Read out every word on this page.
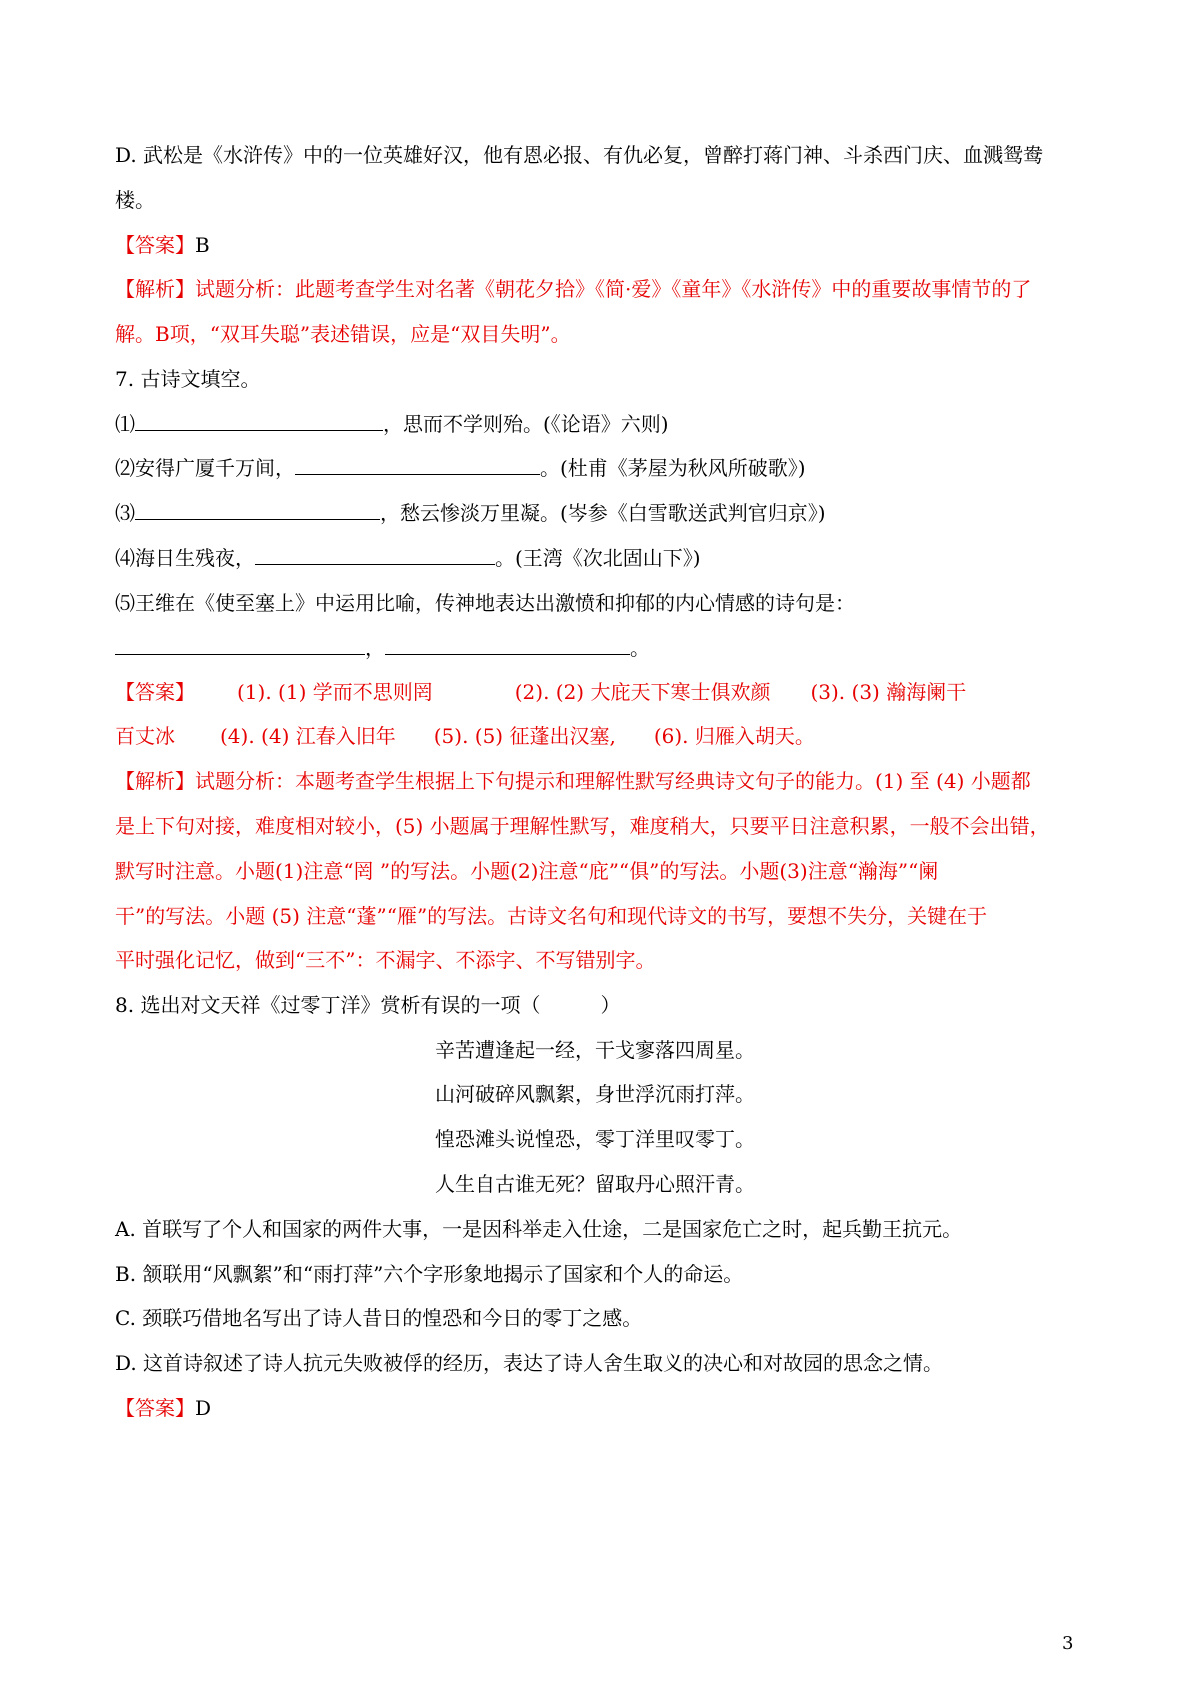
D. 武松是《水浒传》中的一位英雄好汉，他有恩必报、有仇必复，曾醉打蒋门神、斗杀西门庆、血溅鸳鸯
楼。
【答案】B
【解析】试题分析：此题考查学生对名著《朝花夕拾》《简·爱》《童年》《水浒传》中的重要故事情节的了
解。B项，“双耳失聪”表述错误，应是“双目失明”。
7. 古诗文填空。
⑴	，思而不学则殆。(《论语》六则)
⑵安得广厦千万间，	。(杜甫《茅屋为秋风所破歌》)
⑶	，愁云惨淡万里凝。(岑参《白雪歌送武判官归京》)
⑷海日生残夜，	。(王湾《次北固山下》)
⑸王维在《使至塞上》中运用比喻，传神地表达出激愤和抑郁的内心情感的诗句是：
，	。
【答案】 (1). (1) 学而不思则罔	(2). (2) 大庇天下寒士俱欢颜 (3). (3) 瀚海阑干
百丈冰 (4). (4) 江春入旧年 (5). (5) 征蓬出汉塞, (6). 归雁入胡天。
【解析】试题分析：本题考查学生根据上下句提示和理解性默写经典诗文句子的能力。(1) 至 (4) 小题都
是上下句对接，难度相对较小，(5) 小题属于理解性默写，难度稍大，只要平日注意积累，一般不会出错，
默写时注意。小题(1)注意“罔 ”的写法。小题(2)注意“庇”“俱”的写法。小题(3)注意“瀚海”“阑
干”的写法。小题 (5) 注意“蓬”“雁”的写法。古诗文名句和现代诗文的书写，要想不失分，关键在于
平时强化记忆，做到“三不”：不漏字、不添字、不写错别字。
8. 选出对文天祥《过零丁洋》赏析有误的一项（　　　）
辛苦遭逢起一经，干戈寥落四周星。
山河破碎风飘絮，身世浮沉雨打萍。
惶恐滩头说惶恐，零丁洋里叹零丁。
人生自古谁无死？留取丹心照汗青。
A. 首联写了个人和国家的两件大事，一是因科举走入仕途，二是国家危亡之时，起兵勤王抗元。
B. 颔联用“风飘絮”和“雨打萍”六个字形象地揭示了国家和个人的命运。
C. 颈联巧借地名写出了诗人昔日的惶恐和今日的零丁之感。
D. 这首诗叙述了诗人抗元失败被俘的经历，表达了诗人舍生取义的决心和对故园的思念之情。
【答案】D
3
